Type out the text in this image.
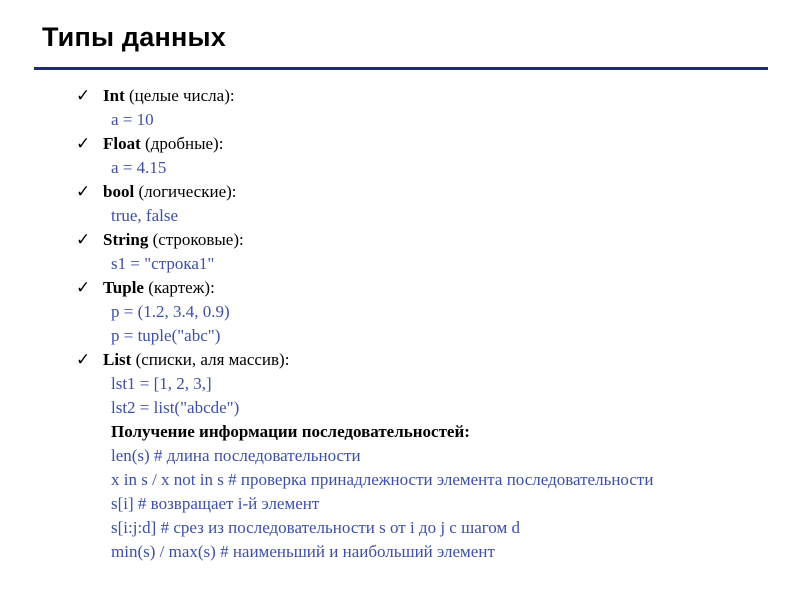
Типы данных
✓ Int (целые числа):
a = 10
✓ Float (дробные):
a = 4.15
✓ bool (логические):
true, false
✓ String (строковые):
s1 = "строка1"
✓ Tuple (картеж):
p = (1.2, 3.4, 0.9)
p = tuple("abc")
✓ List (списки, аля массив):
lst1 = [1, 2, 3,]
lst2 = list("abcde")
Получение информации последовательностей:
len(s) # длина последовательности
x in s / x not in s # проверка принадлежности элемента последовательности
s[i] # возвращает i-й элемент
s[i:j:d] # срез из последовательности s от i до j с шагом d
min(s) / max(s) # наименьший и наибольший элемент
